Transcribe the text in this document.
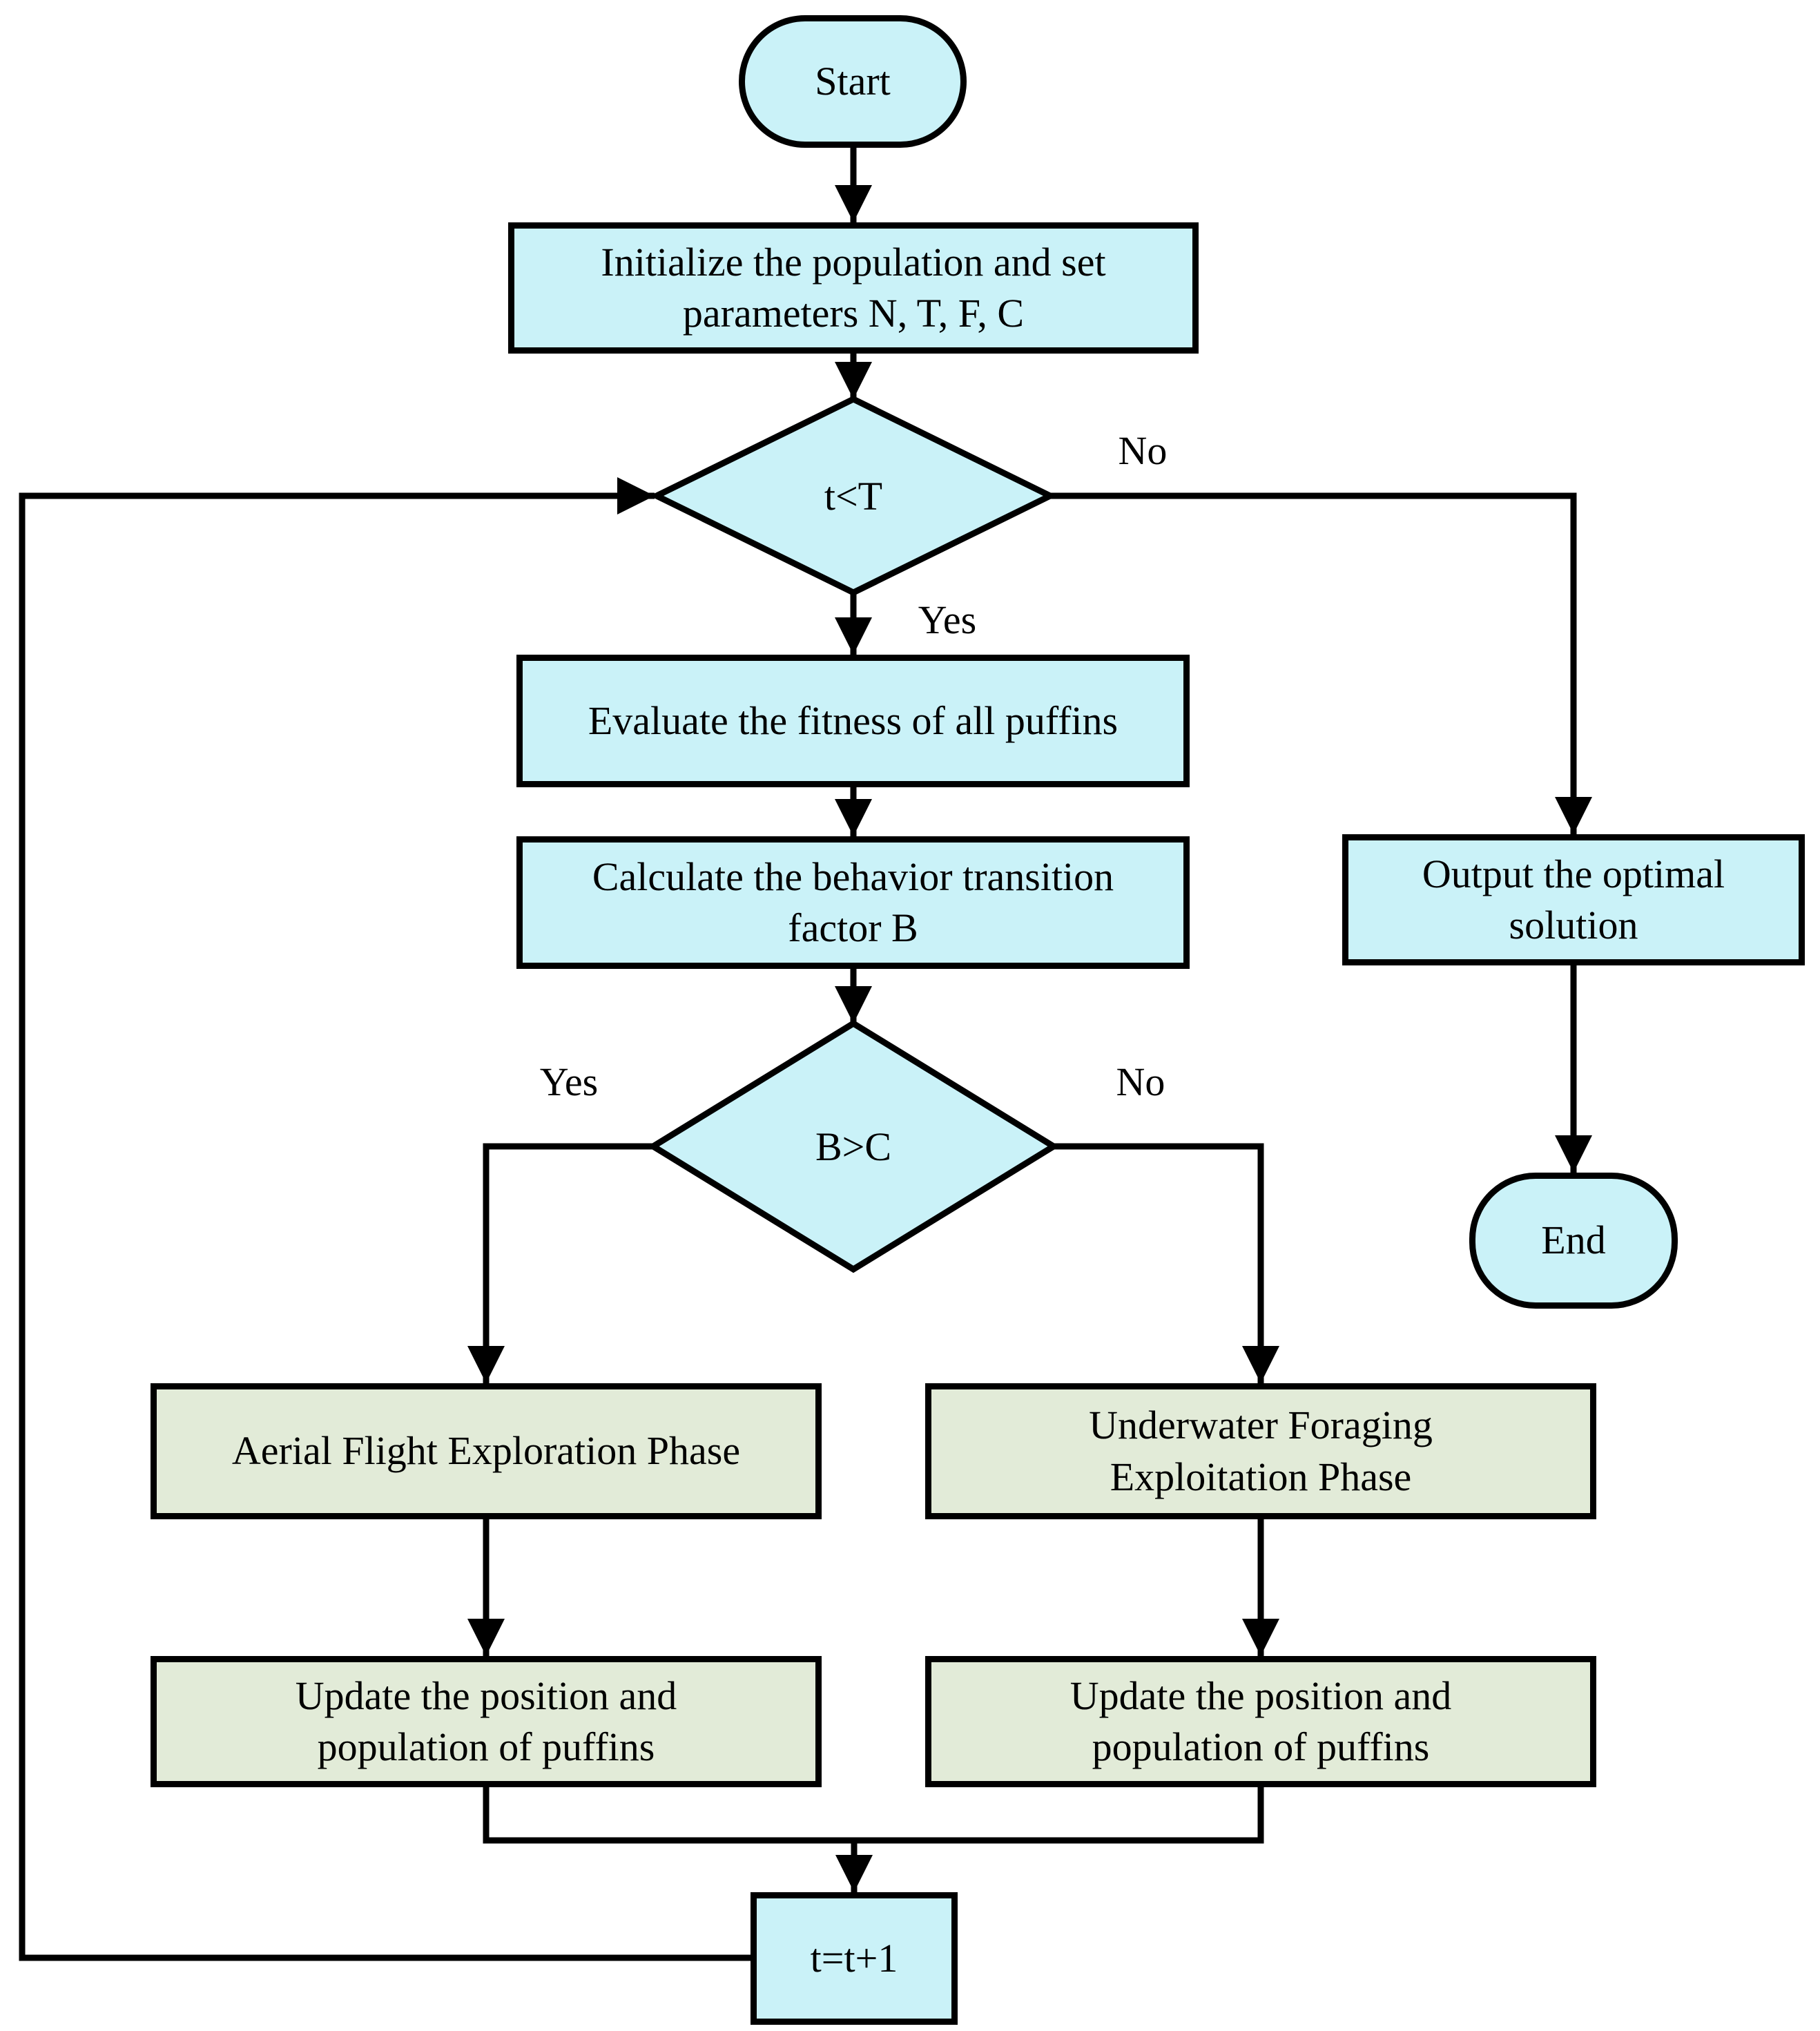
Start
Initialize the population and set parameters N, T, F, C
t<T
Evaluate the fitness of all puffins
Calculate the behavior transition factor B
B>C
Aerial Flight Exploration Phase
Underwater Foraging Exploitation Phase
Update the position and population of puffins
Update the position and population of puffins
t=t+1
Output the optimal solution
End
No
Yes
Yes	No
